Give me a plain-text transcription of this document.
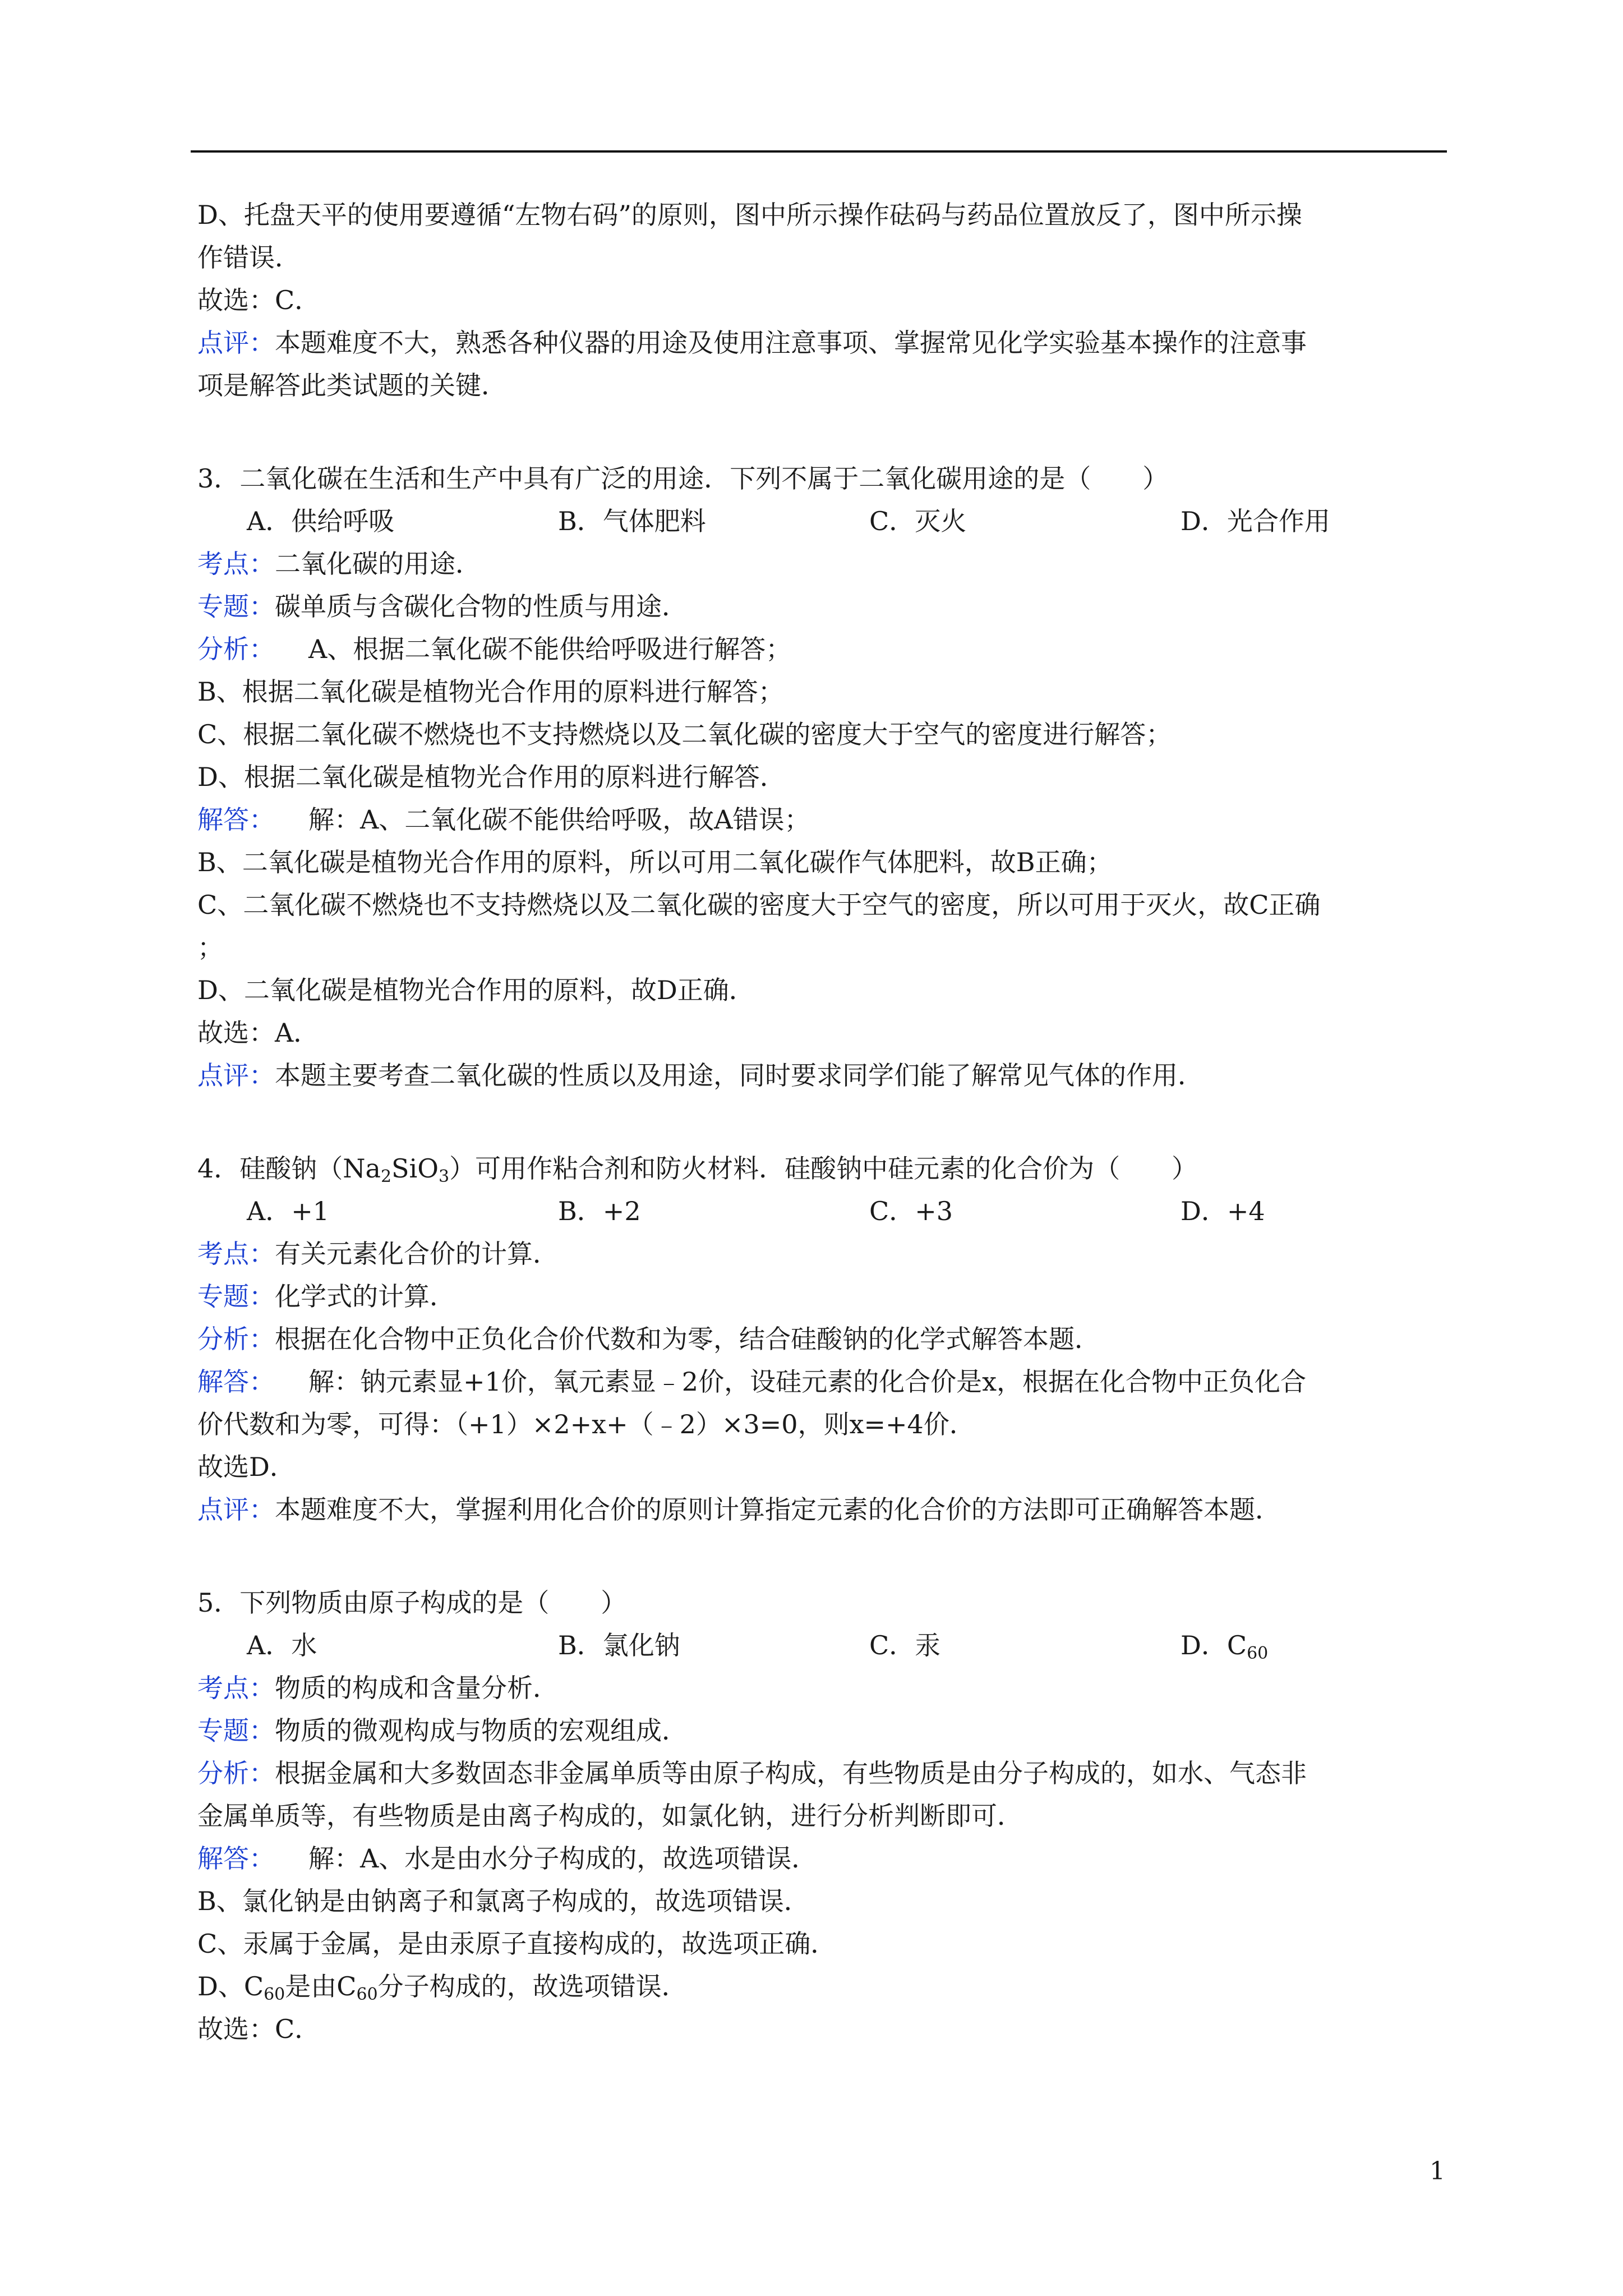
D、托盘天平的使用要遵循“左物右码”的原则，图中所示操作砝码与药品位置放反了，图中所示操
作错误．
故选：C．
点评：本题难度不大，熟悉各种仪器的用途及使用注意事项、掌握常见化学实验基本操作的注意事
项是解答此类试题的关键．
3．二氧化碳在生活和生产中具有广泛的用途．下列不属于二氧化碳用途的是（　　）
A．供给呼吸	B．气体肥料	C．灭火	D．光合作用
考点：二氧化碳的用途．
专题：碳单质与含碳化合物的性质与用途．
分析： A、根据二氧化碳不能供给呼吸进行解答；
B、根据二氧化碳是植物光合作用的原料进行解答；
C、根据二氧化碳不燃烧也不支持燃烧以及二氧化碳的密度大于空气的密度进行解答；
D、根据二氧化碳是植物光合作用的原料进行解答．
解答： 解：A、二氧化碳不能供给呼吸，故A错误；
B、二氧化碳是植物光合作用的原料，所以可用二氧化碳作气体肥料，故B正确；
C、二氧化碳不燃烧也不支持燃烧以及二氧化碳的密度大于空气的密度，所以可用于灭火，故C正确
；
D、二氧化碳是植物光合作用的原料，故D正确．
故选：A．
点评：本题主要考查二氧化碳的性质以及用途，同时要求同学们能了解常见气体的作用．
4．硅酸钠$(Na_2SiO_3)$可用作粘合剂和防火材料．硅酸钠中硅元素的化合价为（　　）
A．+1	B．+2	C．+3	D．+4
考点：有关元素化合价的计算．
专题：化学式的计算．
分析：根据在化合物中正负化合价代数和为零，结合硅酸钠的化学式解答本题．
解答： 解：钠元素显+1价，氧元素显﹣2价，设硅元素的化合价是x，根据在化合物中正负化合
价代数和为零，可得：（+1）×2+x+（﹣2）×3=0，则x=+4价．
故选D．
点评：本题难度不大，掌握利用化合价的原则计算指定元素的化合价的方法即可正确解答本题．
5．下列物质由原子构成的是（　　）
A．水	B．氯化钠	C．汞	D．$C_{60}$
考点：物质的构成和含量分析．
专题：物质的微观构成与物质的宏观组成．
分析：根据金属和大多数固态非金属单质等由原子构成，有些物质是由分子构成的，如水、气态非
金属单质等，有些物质是由离子构成的，如氯化钠，进行分析判断即可．
解答： 解：A、水是由水分子构成的，故选项错误．
B、氯化钠是由钠离子和氯离子构成的，故选项错误．
C、汞属于金属，是由汞原子直接构成的，故选项正确．
D、$C_{60}$是由$C_{60}$分子构成的，故选项错误．
故选：C．
1
